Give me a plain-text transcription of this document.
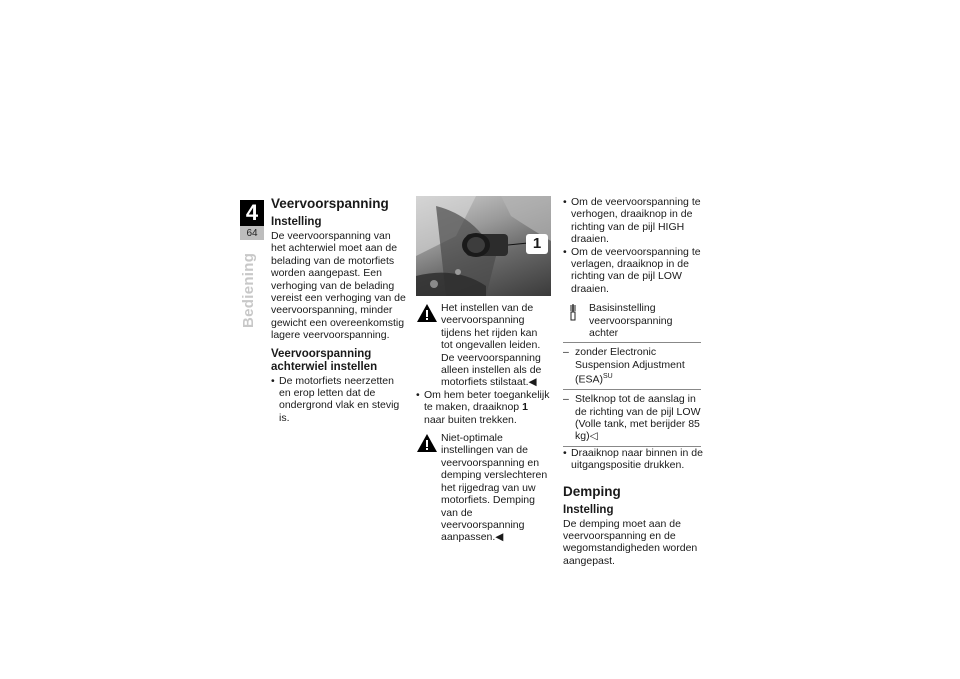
4
64
Bediening
Veervoorspanning
Instelling

De veervoorspanning van het achterwiel moet aan de belading van de motorfiets worden aangepast. Een verhoging van de belading vereist een verhoging van de veervoorspanning, minder gewicht een overeenkomstig lagere veervoorspanning.

Veervoorspanning achterwiel instellen
• De motorfiets neerzetten en erop letten dat de ondergrond vlak en stevig is.
1
Het instellen van de veervoorspanning tijdens het rijden kan tot ongevallen leiden. De veervoorspanning alleen instellen als de motorfiets stilstaat.◀
• Om hem beter toegankelijk te maken, draaiknop 1 naar buiten trekken.
Niet-optimale instellingen van de veervoorspanning en demping verslechteren het rijgedrag van uw motorfiets. Demping van de veervoorspanning aanpassen.◀
• Om de veervoorspanning te verhogen, draaiknop in de richting van de pijl HIGH draaien.
• Om de veervoorspanning te verlagen, draaiknop in de richting van de pijl LOW draaien.
Basisinstelling veervoorspanning achter
– zonder Electronic Suspension Adjustment (ESA)$^{SU}$
– Stelknop tot de aanslag in de richting van de pijl LOW (Volle tank, met berijder 85 kg)◁
• Draaiknop naar binnen in de uitgangspositie drukken.
Demping
Instelling

De demping moet aan de veervoorspanning en de wegomstandigheden worden aangepast.
